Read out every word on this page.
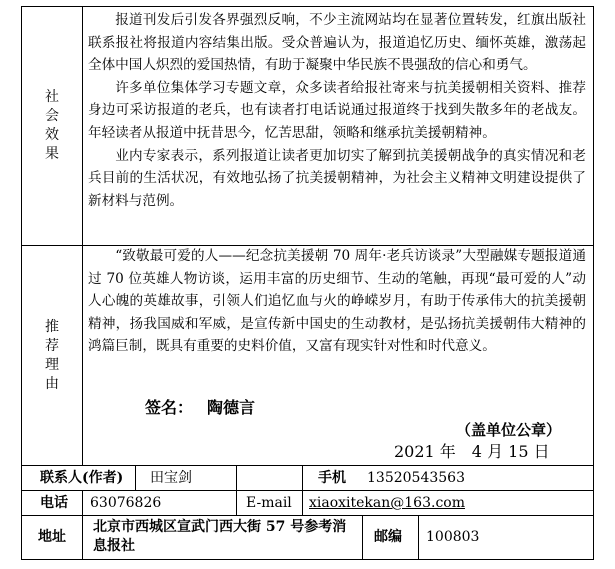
社
会
效
果

报道刊发后引发各界强烈反响，不少主流网站均在显著位置转发，红旗出版社联系报社将报道内容结集出版。受众普遍认为，报道追忆历史、缅怀英雄，激荡起全体中国人炽烈的爱国热情，有助于凝聚中华民族不畏强敌的信心和勇气。

许多单位集体学习专题文章，众多读者给报社寄来与抗美援朝相关资料、推荐身边可采访报道的老兵，也有读者打电话说通过报道终于找到失散多年的老战友。年轻读者从报道中抚昔思今，忆苦思甜，领略和继承抗美援朝精神。

业内专家表示，系列报道让读者更加切实了解到抗美援朝战争的真实情况和老兵目前的生活状况，有效地弘扬了抗美援朝精神，为社会主义精神文明建设提供了新材料与范例。

推
荐
理
由

“致敬最可爱的人——纪念抗美援朝 70 周年·老兵访谈录”大型融媒专题报道通过 70 位英雄人物访谈，运用丰富的历史细节、生动的笔触，再现“最可爱的人”动人心魄的英雄故事，引领人们追忆血与火的峥嵘岁月，有助于传承伟大的抗美援朝精神，扬我国威和军威，是宣传新中国史的生动教材，是弘扬抗美援朝伟大精神的鸿篇巨制，既具有重要的史料价值，又富有现实针对性和时代意义。

签名： 陶德言
（盖单位公章）
2021 年　4 月 15 日
联系人(作者) 田宝剑	手机 13520543563
电话 63076826	E-mail xiaoxitekan@163.com
地址
北京市西城区宣武门西大街 57 号参考消息报社
邮编 100803
